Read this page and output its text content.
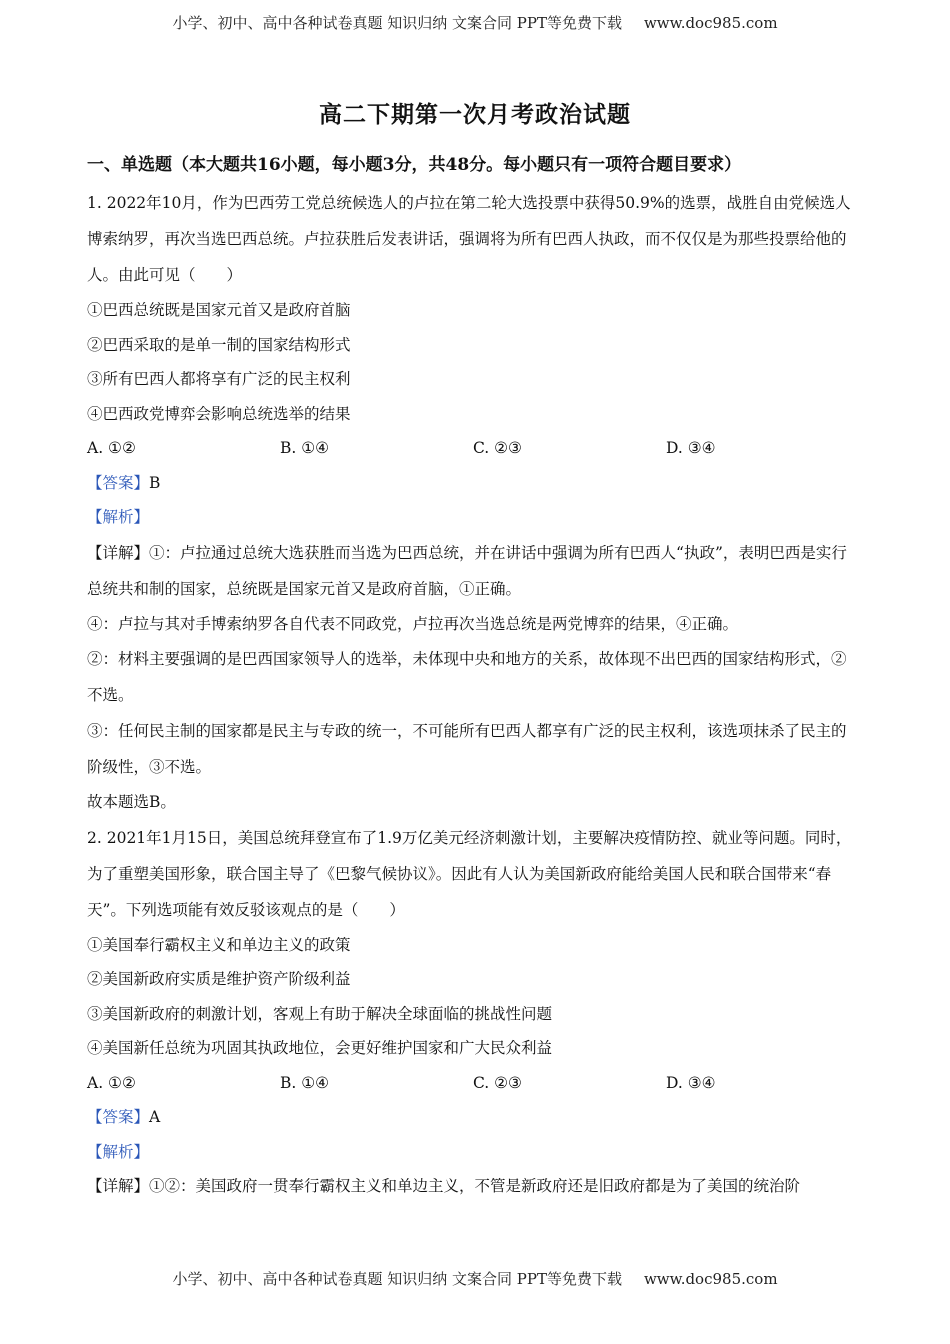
小学、初中、高中各种试卷真题 知识归纳 文案合同 PPT等免费下载 www.doc985.com
高二下期第一次月考政治试题
一、单选题（本大题共16小题，每小题3分，共48分。每小题只有一项符合题目要求）

1. 2022年10月，作为巴西劳工党总统候选人的卢拉在第二轮大选投票中获得50.9%的选票，战胜自由党候选人博索纳罗，再次当选巴西总统。卢拉获胜后发表讲话，强调将为所有巴西人执政，而不仅仅是为那些投票给他的人。由此可见（　　）

①巴西总统既是国家元首又是政府首脑
②巴西采取的是单一制的国家结构形式
③所有巴西人都将享有广泛的民主权利
④巴西政党博弈会影响总统选举的结果
A. ①②	B. ①④	C. ②③	D. ③④
【答案】B
【解析】

【详解】①：卢拉通过总统大选获胜而当选为巴西总统，并在讲话中强调为所有巴西人“执政”，表明巴西是实行总统共和制的国家，总统既是国家元首又是政府首脑，①正确。

④：卢拉与其对手博索纳罗各自代表不同政党，卢拉再次当选总统是两党博弈的结果，④正确。

②：材料主要强调的是巴西国家领导人的选举，未体现中央和地方的关系，故体现不出巴西的国家结构形式，②不选。

③：任何民主制的国家都是民主与专政的统一，不可能所有巴西人都享有广泛的民主权利，该选项抹杀了民主的阶级性，③不选。

故本题选B。

2. 2021年1月15日，美国总统拜登宣布了1.9万亿美元经济刺激计划，主要解决疫情防控、就业等问题。同时，为了重塑美国形象，联合国主导了《巴黎气候协议》。因此有人认为美国新政府能给美国人民和联合国带来“春天”。下列选项能有效反驳该观点的是（　　）

①美国奉行霸权主义和单边主义的政策
②美国新政府实质是维护资产阶级利益
③美国新政府的刺激计划，客观上有助于解决全球面临的挑战性问题
④美国新任总统为巩固其执政地位，会更好维护国家和广大民众利益
A. ①②	B. ①④	C. ②③	D. ③④
【答案】A
【解析】
【详解】①②：美国政府一贯奉行霸权主义和单边主义，不管是新政府还是旧政府都是为了美国的统治阶
小学、初中、高中各种试卷真题 知识归纳 文案合同 PPT等免费下载 www.doc985.com
